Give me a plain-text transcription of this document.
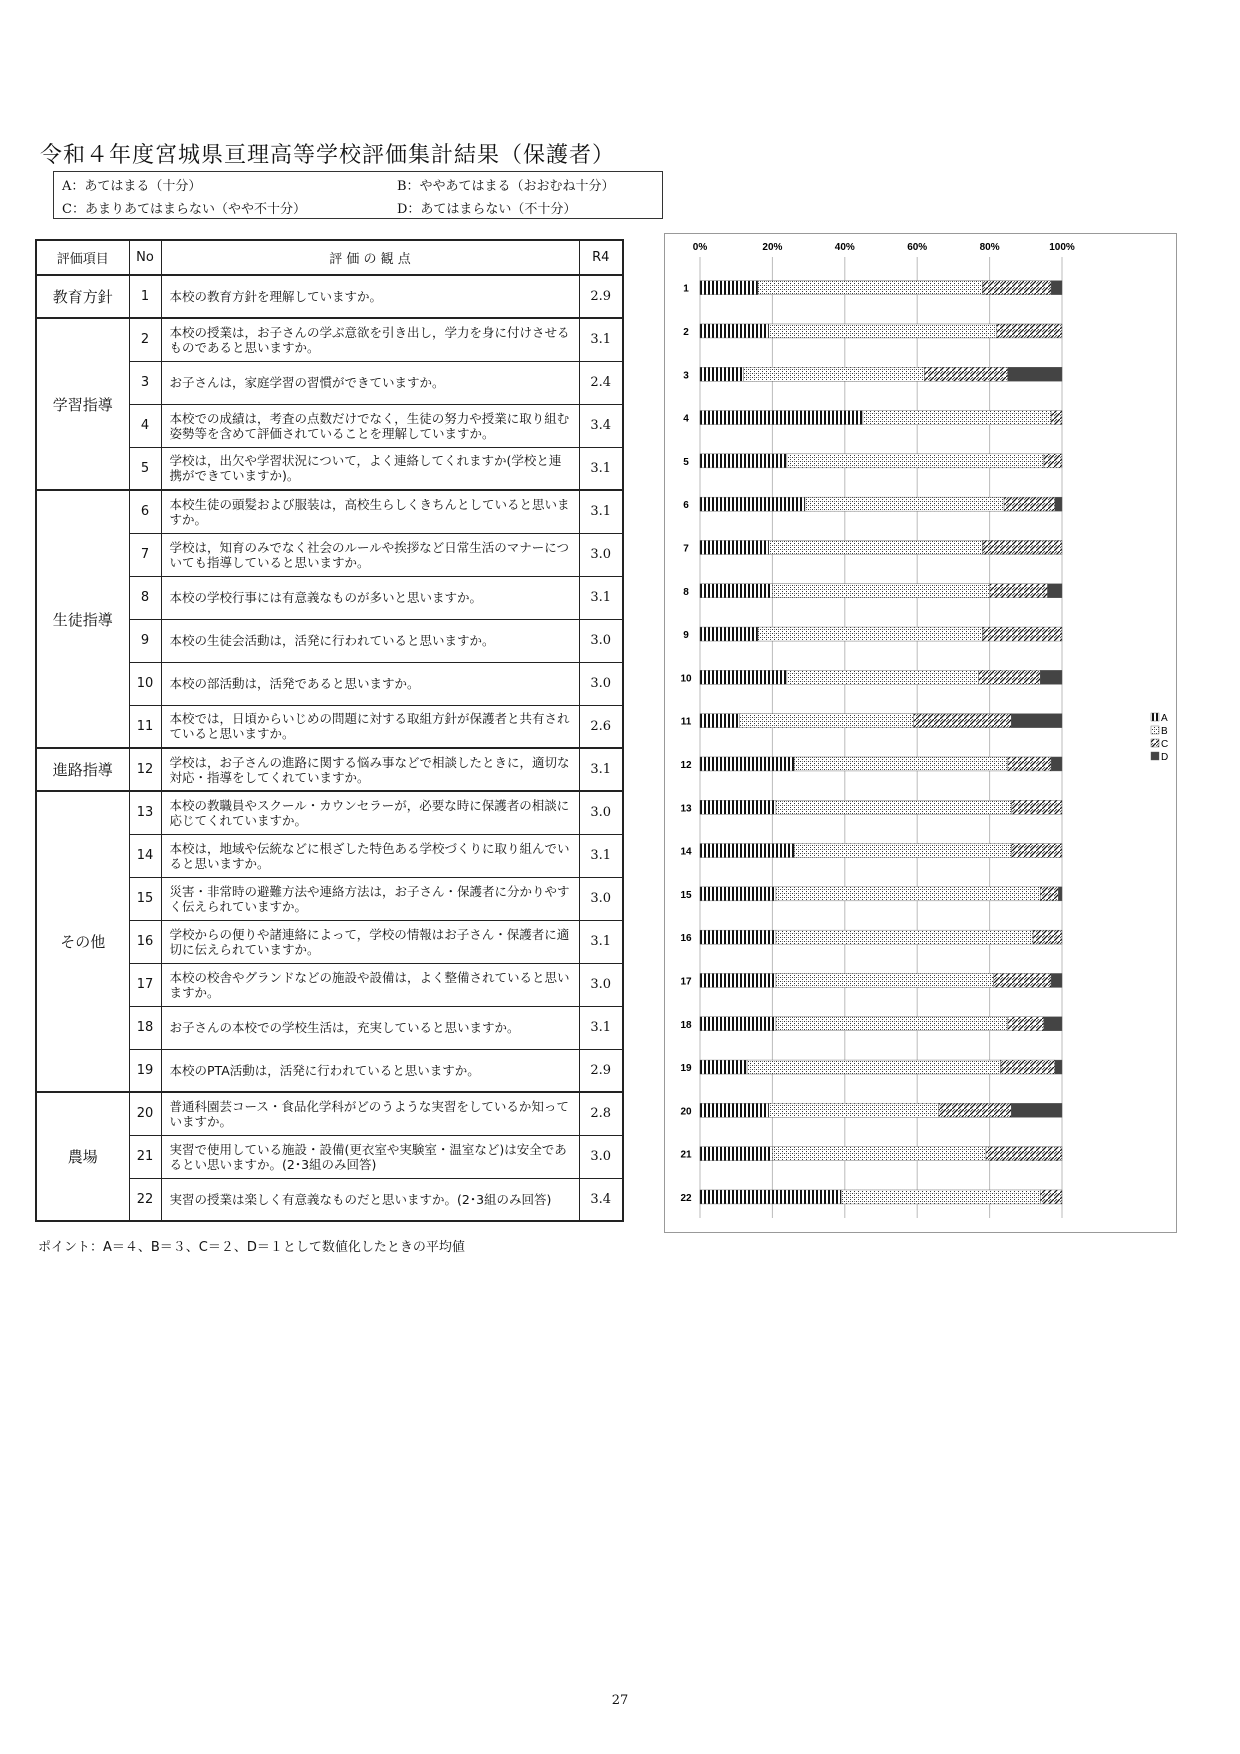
令和４年度宮城県亘理高等学校評価集計結果（保護者）
A：あてはまる（十分）	B：ややあてはまる（おおむね十分）
C：あまりあてはまらない（やや不十分）	D：あてはまらない（不十分）
評価項目	No	評 価 の 観 点	R4
教育方針	1	本校の教育方針を理解していますか。	2.9
学習指導	2	本校の授業は，お子さんの学ぶ意欲を引き出し，学力を身に付けさせるものであると思いますか。	3.1
	3	お子さんは，家庭学習の習慣ができていますか。	2.4
	4	本校での成績は，考査の点数だけでなく，生徒の努力や授業に取り組む姿勢等を含めて評価されていることを理解していますか。	3.4
	5	学校は，出欠や学習状況について，よく連絡してくれますか(学校と連携ができていますか)。	3.1
生徒指導	6	本校生徒の頭髪および服装は，高校生らしくきちんとしていると思いますか。	3.1
	7	学校は，知育のみでなく社会のルールや挨拶など日常生活のマナーについても指導していると思いますか。	3.0
	8	本校の学校行事には有意義なものが多いと思いますか。	3.1
	9	本校の生徒会活動は，活発に行われていると思いますか。	3.0
	10	本校の部活動は，活発であると思いますか。	3.0
	11	本校では，日頃からいじめの問題に対する取組方針が保護者と共有されていると思いますか。	2.6
進路指導	12	学校は，お子さんの進路に関する悩み事などで相談したときに，適切な対応・指導をしてくれていますか。	3.1
その他	13	本校の教職員やスクール・カウンセラーが，必要な時に保護者の相談に応じてくれていますか。	3.0
	14	本校は，地域や伝統などに根ざした特色ある学校づくりに取り組んでいると思いますか。	3.1
	15	災害・非常時の避難方法や連絡方法は，お子さん・保護者に分かりやすく伝えられていますか。	3.0
	16	学校からの便りや諸連絡によって，学校の情報はお子さん・保護者に適切に伝えられていますか。	3.1
	17	本校の校舎やグランドなどの施設や設備は，よく整備されていると思いますか。	3.0
	18	お子さんの本校での学校生活は，充実していると思いますか。	3.1
	19	本校のPTA活動は，活発に行われていると思いますか。	2.9
農場	20	普通科園芸コース・食品化学科がどのうような実習をしているか知っていますか。	2.8
	21	実習で使用している施設・設備(更衣室や実験室・温室など)は安全であるとい思いますか。(2･3組のみ回答)	3.0
	22	実習の授業は楽しく有意義なものだと思いますか。(2･3組のみ回答)	3.4
ポイント：A＝４、B＝３、C＝２、D＝１として数値化したときの平均値
0%	20%	40%	60%	80%	100%
1
2
3
4
5
6
7
8
9
10
11
12
13
14
15
16
17
18
19
20
21
22
A
B
C
D
27
